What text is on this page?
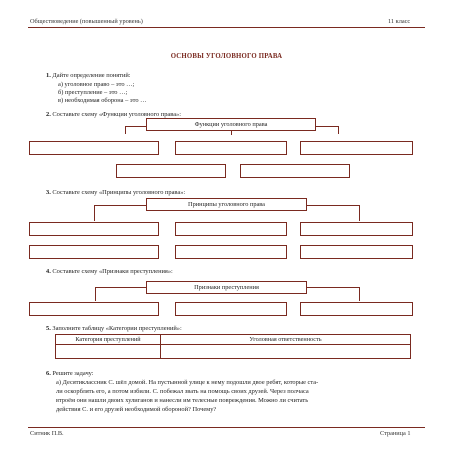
Обществоведение (повышенный уровень)	11 класс
ОСНОВЫ УГОЛОВНОГО ПРАВА
1. Дайте определение понятий:
а) уголовное право – это …;
б) преступление – это …;
в) необходимая оборона – это …
2. Составьте схему «Функции уголовного права»:
Функции уголовного права
3. Составьте схему «Принципы уголовного права»:
Принципы уголовного права
4. Составьте схему «Признаки преступления»:
Признаки преступления
5. Заполните таблицу «Категории преступлений»:
Категория преступлений	Уголовная ответственность

6. Решите задачу:
а) Десятиклассник С. шёл домой. На пустынной улице к нему подошли двое ребят, которые ста-
ли оскорблять его, а потом избили. С. побежал звать на помощь своих друзей. Через полчаса
втроём они нашли двоих хулиганов и нанесли им телесные повреждения. Можно ли считать
действия С. и его друзей необходимой обороной? Почему?
Ситник П.В.	Страница 1
